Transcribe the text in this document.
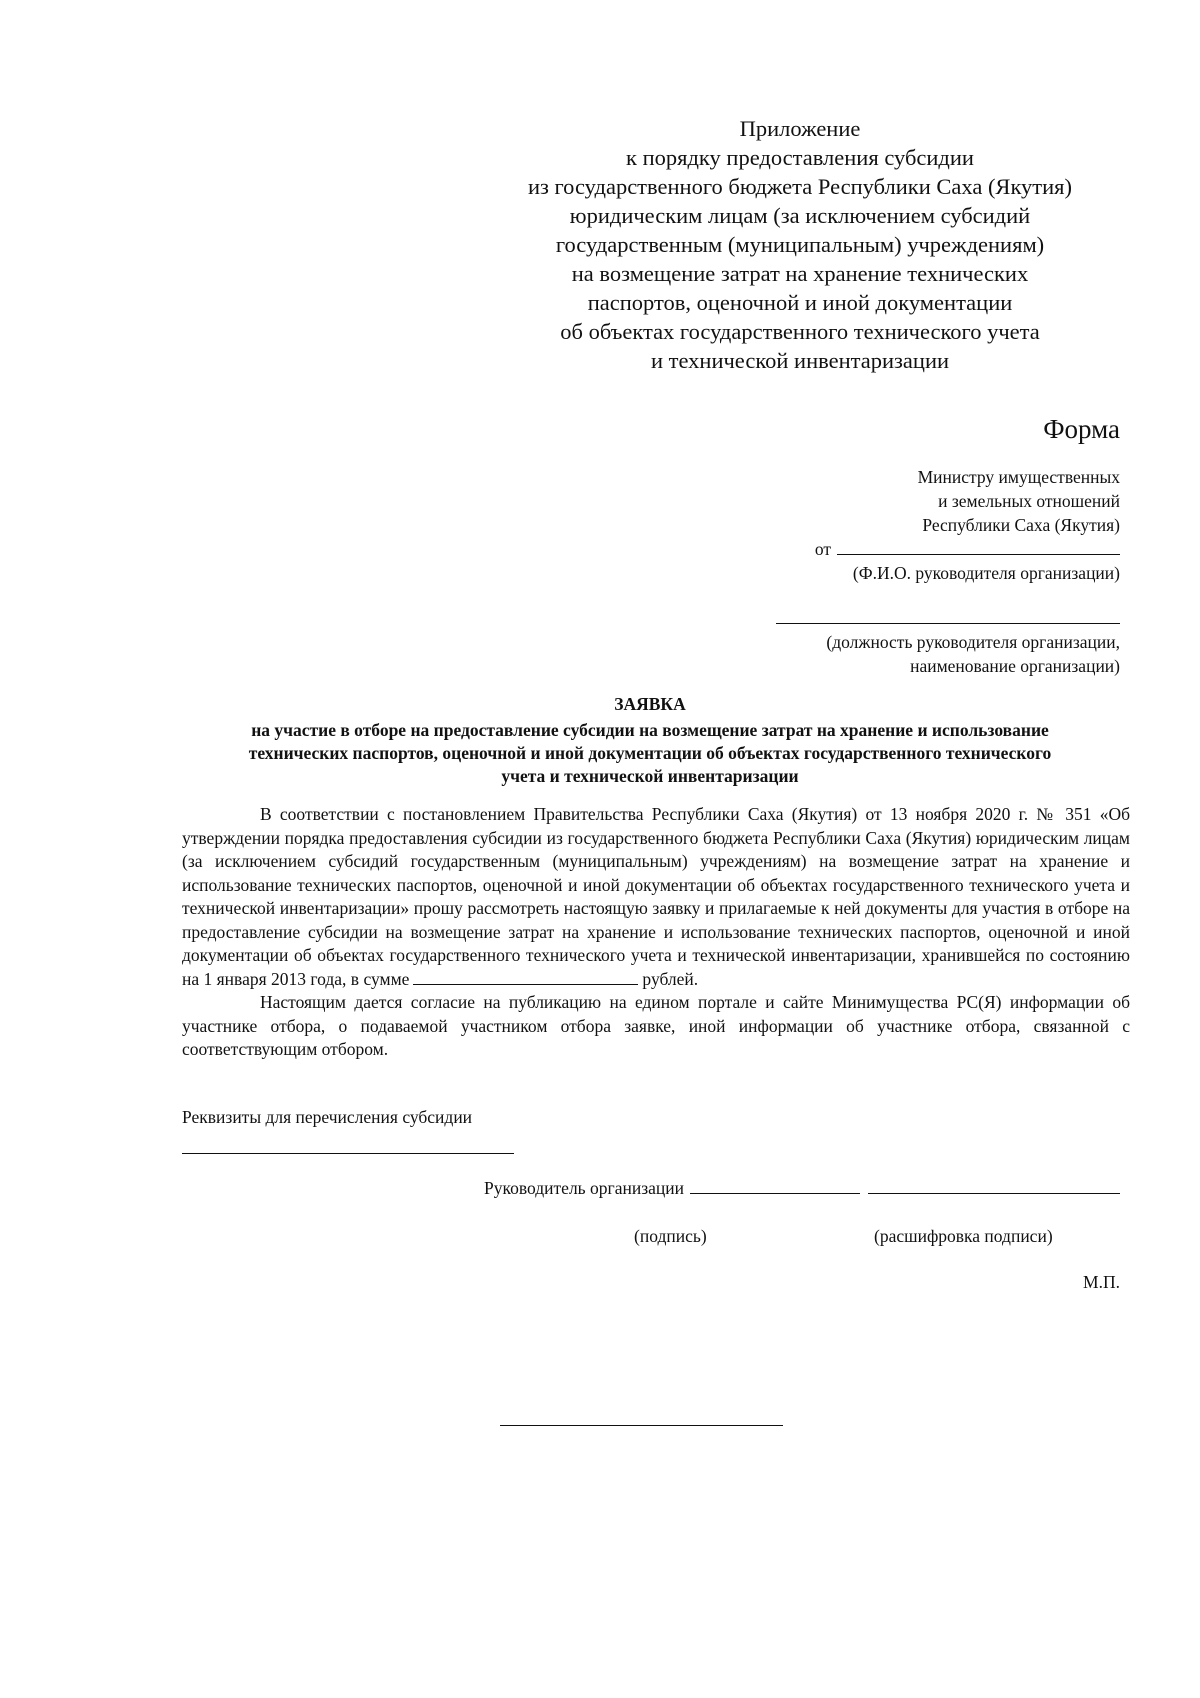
Приложение
к порядку предоставления субсидии
из государственного бюджета Республики Саха (Якутия)
юридическим лицам (за исключением субсидий
государственным (муниципальным) учреждениям)
на возмещение затрат на хранение технических
паспортов, оценочной и иной документации
об объектах государственного технического учета
и технической инвентаризации
Форма
Министру имущественных
и земельных отношений
Республики Саха (Якутия)
от
(Ф.И.О. руководителя организации)
(должность руководителя организации,
наименование организации)
ЗАЯВКА
на участие в отборе на предоставление субсидии на возмещение затрат на хранение и использование
технических паспортов, оценочной и иной документации об объектах государственного технического
учета и технической инвентаризации

В соответствии с постановлением Правительства Республики Саха (Якутия) от 13 ноября 2020 г. № 351 «Об утверждении порядка предоставления субсидии из государственного бюджета Республики Саха (Якутия) юридическим лицам (за исключением субсидий государственным (муниципальным) учреждениям) на возмещение затрат на хранение и использование технических паспортов, оценочной и иной документации об объектах государственного технического учета и технической инвентаризации» прошу рассмотреть настоящую заявку и прилагаемые к ней документы для участия в отборе на предоставление субсидии на возмещение затрат на хранение и использование технических паспортов, оценочной и иной документации об объектах государственного технического учета и технической инвентаризации, хранившейся по состоянию на 1 января 2013 года, в сумме	рублей.

Настоящим дается согласие на публикацию на едином портале и сайте Минимущества РС(Я) информации об участнике отбора, о подаваемой участником отбора заявке, иной информации об участнике отбора, связанной с соответствующим отбором.

Реквизиты для перечисления субсидии
Руководитель организации
(подпись)	(расшифровка подписи)
М.П.
